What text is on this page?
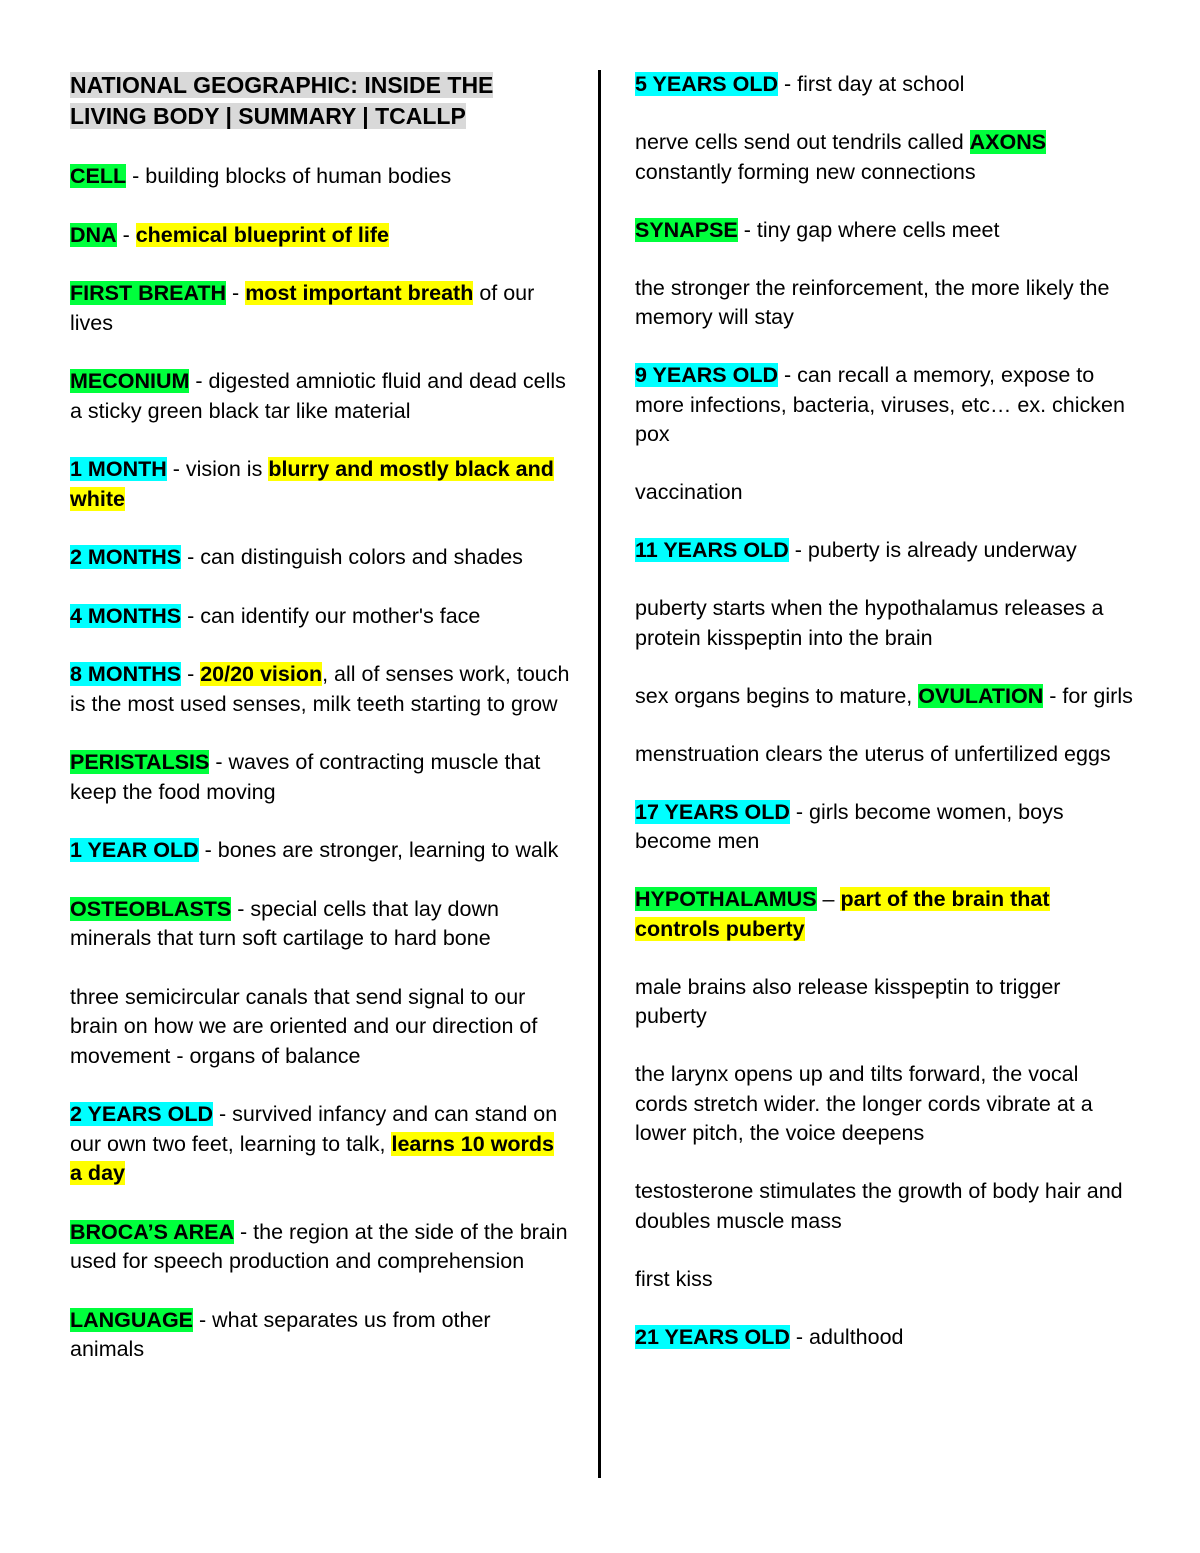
NATIONAL GEOGRAPHIC: INSIDE THE
LIVING BODY | SUMMARY | TCALLP

CELL - building blocks of human bodies

DNA - chemical blueprint of life

FIRST BREATH - most important breath of our lives

MECONIUM - digested amniotic fluid and dead cells a sticky green black tar like material

1 MONTH - vision is blurry and mostly black and white

2 MONTHS - can distinguish colors and shades

4 MONTHS - can identify our mother's face

8 MONTHS - 20/20 vision, all of senses work, touch is the most used senses, milk teeth starting to grow

PERISTALSIS - waves of contracting muscle that keep the food moving

1 YEAR OLD - bones are stronger, learning to walk

OSTEOBLASTS - special cells that lay down minerals that turn soft cartilage to hard bone

three semicircular canals that send signal to our brain on how we are oriented and our direction of movement - organs of balance

2 YEARS OLD - survived infancy and can stand on our own two feet, learning to talk, learns 10 words a day

BROCA’S AREA - the region at the side of the brain used for speech production and comprehension

LANGUAGE - what separates us from other animals

5 YEARS OLD - first day at school

nerve cells send out tendrils called AXONS constantly forming new connections

SYNAPSE - tiny gap where cells meet

the stronger the reinforcement, the more likely the memory will stay

9 YEARS OLD - can recall a memory, expose to more infections, bacteria, viruses, etc… ex. chicken pox

vaccination

11 YEARS OLD - puberty is already underway

puberty starts when the hypothalamus releases a protein kisspeptin into the brain

sex organs begins to mature, OVULATION - for girls

menstruation clears the uterus of unfertilized eggs

17 YEARS OLD - girls become women, boys become men

HYPOTHALAMUS – part of the brain that controls puberty

male brains also release kisspeptin to trigger puberty

the larynx opens up and tilts forward, the vocal cords stretch wider. the longer cords vibrate at a lower pitch, the voice deepens

testosterone stimulates the growth of body hair and doubles muscle mass

first kiss

21 YEARS OLD - adulthood
